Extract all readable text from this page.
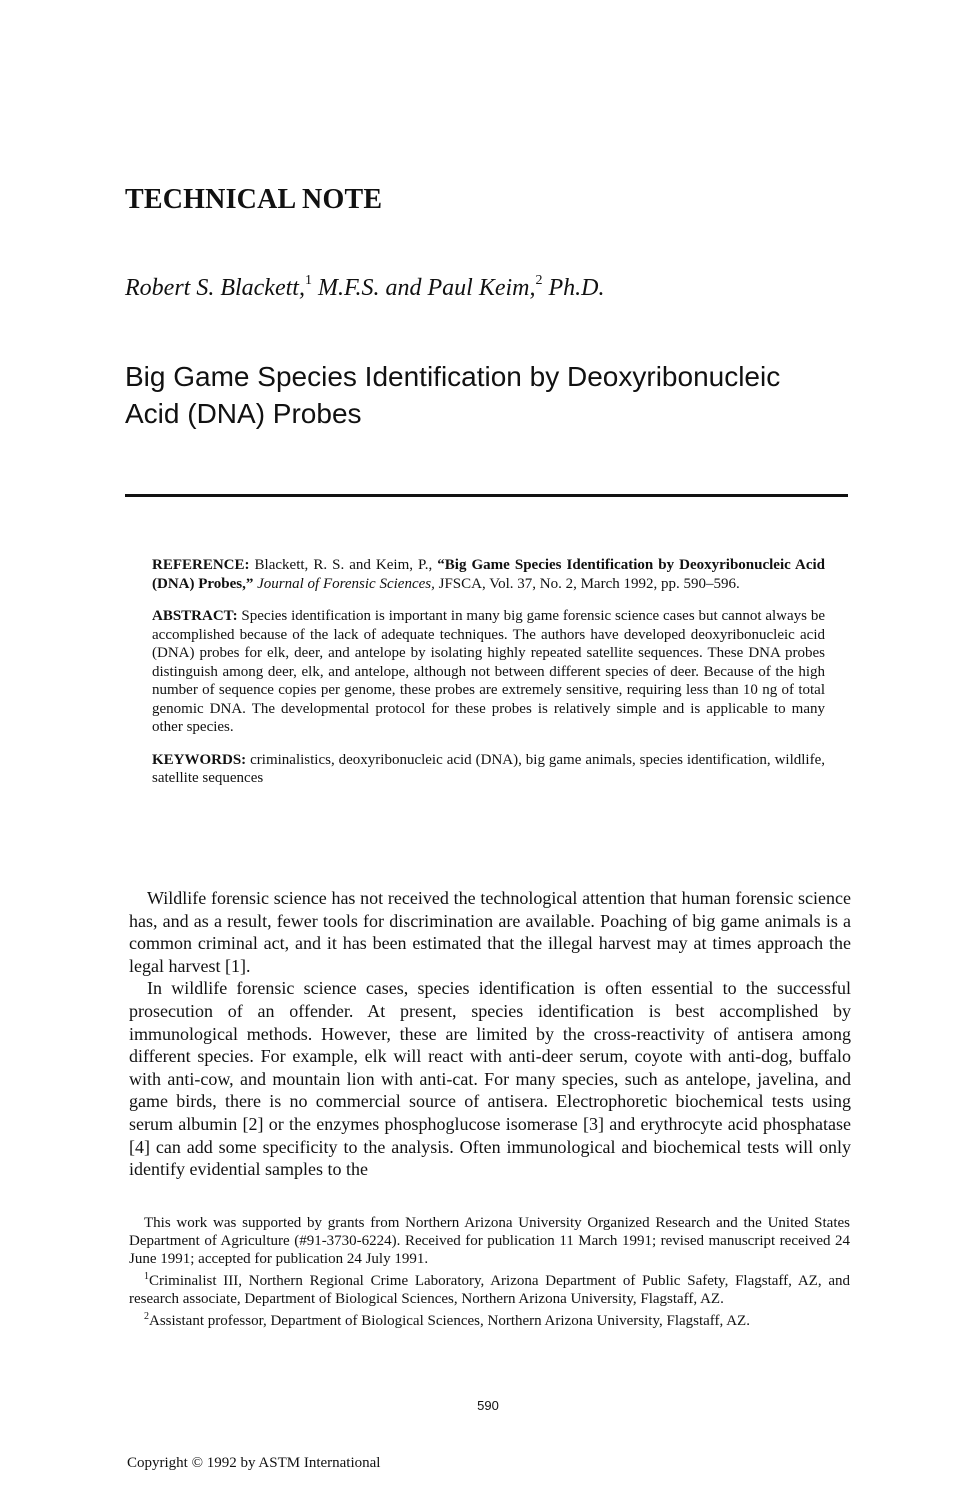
TECHNICAL NOTE
Robert S. Blackett,$^1$ M.F.S. and Paul Keim,$^2$ Ph.D.
Big Game Species Identification by Deoxyribonucleic
Acid (DNA) Probes

REFERENCE: Blackett, R. S. and Keim, P., “Big Game Species Identification by Deoxyribonucleic Acid (DNA) Probes,” Journal of Forensic Sciences, JFSCA, Vol. 37, No. 2, March 1992, pp. 590–596.

ABSTRACT: Species identification is important in many big game forensic science cases but cannot always be accomplished because of the lack of adequate techniques. The authors have developed deoxyribonucleic acid (DNA) probes for elk, deer, and antelope by isolating highly repeated satellite sequences. These DNA probes distinguish among deer, elk, and antelope, although not between different species of deer. Because of the high number of sequence copies per genome, these probes are extremely sensitive, requiring less than 10 ng of total genomic DNA. The developmental protocol for these probes is relatively simple and is applicable to many other species.

KEYWORDS: criminalistics, deoxyribonucleic acid (DNA), big game animals, species identification, wildlife, satellite sequences

Wildlife forensic science has not received the technological attention that human forensic science has, and as a result, fewer tools for discrimination are available. Poaching of big game animals is a common criminal act, and it has been estimated that the illegal harvest may at times approach the legal harvest [1].

In wildlife forensic science cases, species identification is often essential to the successful prosecution of an offender. At present, species identification is best accomplished by immunological methods. However, these are limited by the cross-reactivity of antisera among different species. For example, elk will react with anti-deer serum, coyote with anti-dog, buffalo with anti-cow, and mountain lion with anti-cat. For many species, such as antelope, javelina, and game birds, there is no commercial source of antisera. Electrophoretic biochemical tests using serum albumin [2] or the enzymes phosphoglucose isomerase [3] and erythrocyte acid phosphatase [4] can add some specificity to the analysis. Often immunological and biochemical tests will only identify evidential samples to the

This work was supported by grants from Northern Arizona University Organized Research and the United States Department of Agriculture (#91-3730-6224). Received for publication 11 March 1991; revised manuscript received 24 June 1991; accepted for publication 24 July 1991.

$^1$Criminalist III, Northern Regional Crime Laboratory, Arizona Department of Public Safety, Flagstaff, AZ, and research associate, Department of Biological Sciences, Northern Arizona University, Flagstaff, AZ.

$^2$Assistant professor, Department of Biological Sciences, Northern Arizona University, Flagstaff, AZ.

590
Copyright © 1992 by ASTM International
